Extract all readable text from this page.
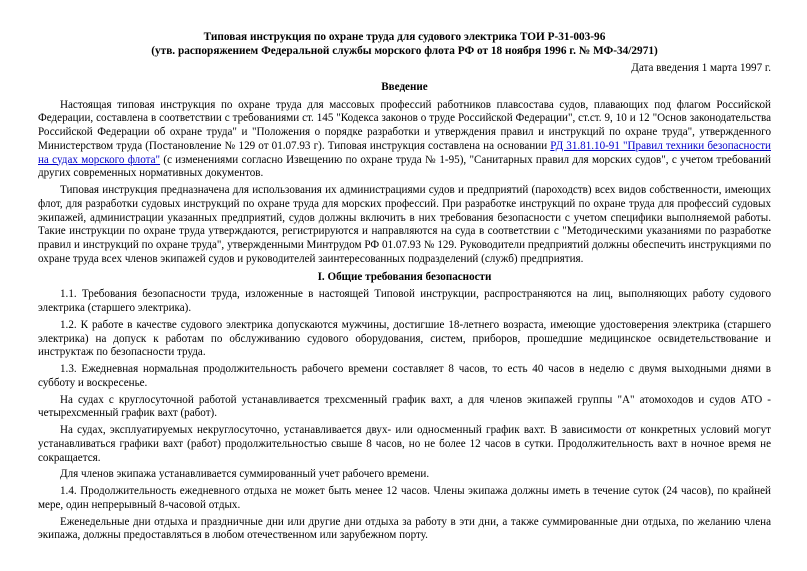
Типовая инструкция по охране труда для судового электрика ТОИ Р-31-003-96

(утв. распоряжением Федеральной службы морского флота РФ от 18 ноября 1996 г. № МФ-34/2971)

Дата введения 1 марта 1997 г.

Введение

Настоящая типовая инструкция по охране труда для массовых профессий работников плавсостава судов, плавающих под флагом Российской Федерации, составлена в соответствии с требованиями ст. 145 "Кодекса законов о труде Российской Федерации", ст.ст. 9, 10 и 12 "Основ законодательства Российской Федерации об охране труда" и "Положения о порядке разработки и утверждения правил и инструкций по охране труда", утвержденного Министерством труда (Постановление № 129 от 01.07.93 г). Типовая инструкция составлена на основании РД 31.81.10-91 "Правил техники безопасности на судах морского флота" (с изменениями согласно Извещению по охране труда № 1-95), "Санитарных правил для морских судов", с учетом требований других современных нормативных документов.

Типовая инструкция предназначена для использования их администрациями судов и предприятий (пароходств) всех видов собственности, имеющих флот, для разработки судовых инструкций по охране труда для морских профессий. При разработке инструкций по охране труда для профессий судовых экипажей, администрации указанных предприятий, судов должны включить в них требования безопасности с учетом специфики выполняемой работы. Такие инструкции по охране труда утверждаются, регистрируются и направляются на суда в соответствии с "Методическими указаниями по разработке правил и инструкций по охране труда", утвержденными Минтрудом РФ 01.07.93 № 129. Руководители предприятий должны обеспечить инструкциями по охране труда всех членов экипажей судов и руководителей заинтересованных подразделений (служб) предприятия.

I. Общие требования безопасности

1.1. Требования безопасности труда, изложенные в настоящей Типовой инструкции, распространяются на лиц, выполняющих работу судового электрика (старшего электрика).

1.2. К работе в качестве судового электрика допускаются мужчины, достигшие 18-летнего возраста, имеющие удостоверения электрика (старшего электрика) на допуск к работам по обслуживанию судового оборудования, систем, приборов, прошедшие медицинское освидетельствование и инструктаж по безопасности труда.

1.3. Ежедневная нормальная продолжительность рабочего времени составляет 8 часов, то есть 40 часов в неделю с двумя выходными днями в субботу и воскресенье.

На судах с круглосуточной работой устанавливается трехсменный график вахт, а для членов экипажей группы "А" атомоходов и судов АТО - четырехсменный график вахт (работ).

На судах, эксплуатируемых некруглосуточно, устанавливается двух- или односменный график вахт. В зависимости от конкретных условий могут устанавливаться графики вахт (работ) продолжительностью свыше 8 часов, но не более 12 часов в сутки. Продолжительность вахт в ночное время не сокращается.

Для членов экипажа устанавливается суммированный учет рабочего времени.

1.4. Продолжительность ежедневного отдыха не может быть менее 12 часов. Члены экипажа должны иметь в течение суток (24 часов), по крайней мере, один непрерывный 8-часовой отдых.

Еженедельные дни отдыха и праздничные дни или другие дни отдыха за работу в эти дни, а также суммированные дни отдыха, по желанию члена экипажа, должны предоставляться в любом отечественном или зарубежном порту.
